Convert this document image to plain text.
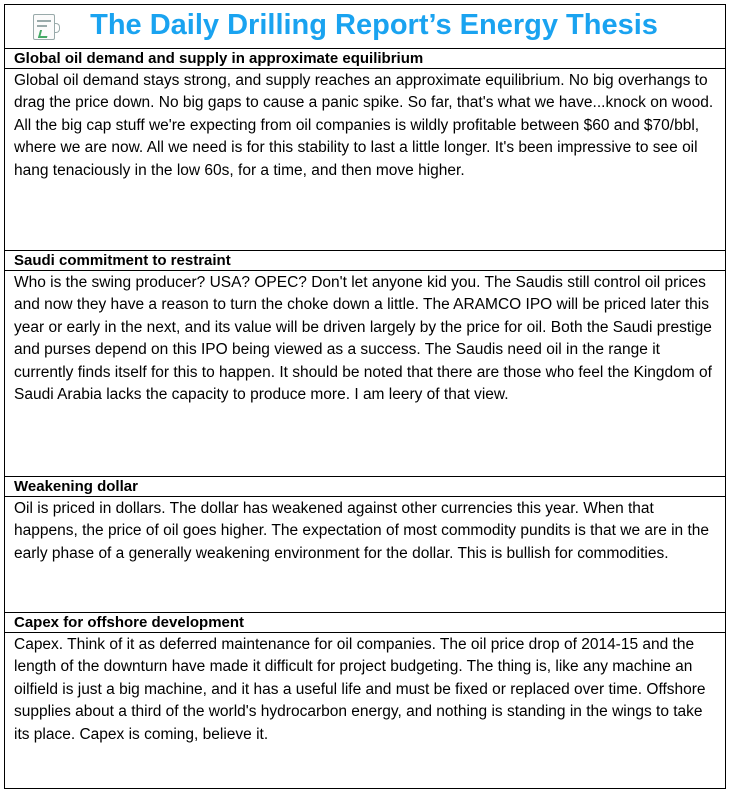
The Daily Drilling Report’s Energy Thesis
Global oil demand and supply in approximate equilibrium
Global oil demand stays strong, and supply reaches an approximate equilibrium. No big overhangs to drag the price down. No big gaps to cause a panic spike. So far, that's what we have...knock on wood. All the big cap stuff we're expecting from oil companies is wildly profitable between $60 and $70/bbl, where we are now. All we need is for this stability to last a little longer. It's been impressive to see oil hang tenaciously in the low 60s, for a time, and then move higher.
Saudi commitment to restraint
Who is the swing producer? USA? OPEC? Don't let anyone kid you. The Saudis still control oil prices and now they have a reason to turn the choke down a little. The ARAMCO IPO will be priced later this year or early in the next, and its value will be driven largely by the price for oil. Both the Saudi prestige and purses depend on this IPO being viewed as a success. The Saudis need oil in the range it currently finds itself for this to happen. It should be noted that there are those who feel the Kingdom of Saudi Arabia lacks the capacity to produce more. I am leery of that view.
Weakening dollar
Oil is priced in dollars. The dollar has weakened against other currencies this year. When that happens, the price of oil goes higher. The expectation of most commodity pundits is that we are in the early phase of a generally weakening environment for the dollar. This is bullish for commodities.
Capex for offshore development
Capex. Think of it as deferred maintenance for oil companies. The oil price drop of 2014-15 and the length of the downturn have made it difficult for project budgeting. The thing is, like any machine an oilfield is just a big machine, and it has a useful life and must be fixed or replaced over time. Offshore supplies about a third of the world's hydrocarbon energy, and nothing is standing in the wings to take its place. Capex is coming, believe it.
